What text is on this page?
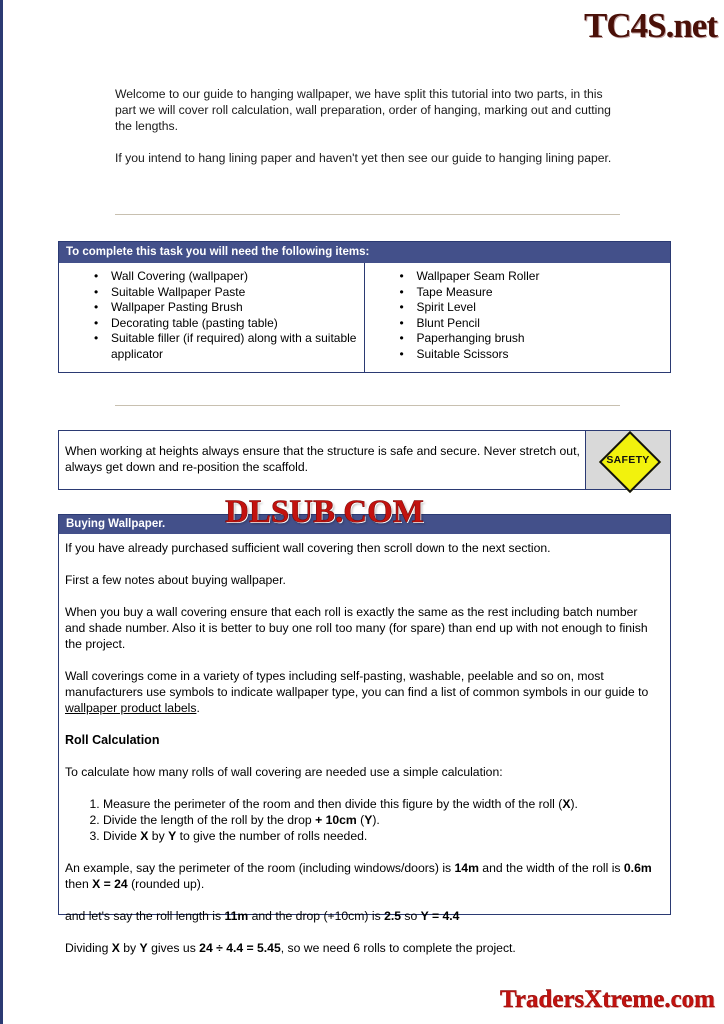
TC4S.net

Welcome to our guide to hanging wallpaper, we have split this tutorial into two parts, in this part we will cover roll calculation, wall preparation, order of hanging, marking out and cutting the lengths.

If you intend to hang lining paper and haven't yet then see our guide to hanging lining paper.

To complete this task you will need the following items:
• Wall Covering (wallpaper)
• Suitable Wallpaper Paste
• Wallpaper Pasting Brush
• Decorating table (pasting table)
• Suitable filler (if required) along with a suitable applicator
• Wallpaper Seam Roller
• Tape Measure
• Spirit Level
• Blunt Pencil
• Paperhanging brush
• Suitable Scissors
When working at heights always ensure that the structure is safe and secure. Never stretch out, always get down and re-position the scaffold.	SAFETY
Buying Wallpaper.

If you have already purchased sufficient wall covering then scroll down to the next section.

First a few notes about buying wallpaper.

When you buy a wall covering ensure that each roll is exactly the same as the rest including batch number and shade number. Also it is better to buy one roll too many (for spare) than end up with not enough to finish the project.

Wall coverings come in a variety of types including self-pasting, washable, peelable and so on, most manufacturers use symbols to indicate wallpaper type, you can find a list of common symbols in our guide to wallpaper product labels.

Roll Calculation

To calculate how many rolls of wall covering are needed use a simple calculation:

1. Measure the perimeter of the room and then divide this figure by the width of the roll (X).
2. Divide the length of the roll by the drop + 10cm (Y).
3. Divide X by Y to give the number of rolls needed.

An example, say the perimeter of the room (including windows/doors) is 14m and the width of the roll is 0.6m then X = 24 (rounded up).

and let's say the roll length is 11m and the drop (+10cm) is 2.5 so Y = 4.4

Dividing X by Y gives us 24 ÷ 4.4 = 5.45, so we need 6 rolls to complete the project.

DLSUB.COM
TradersXtreme.com
